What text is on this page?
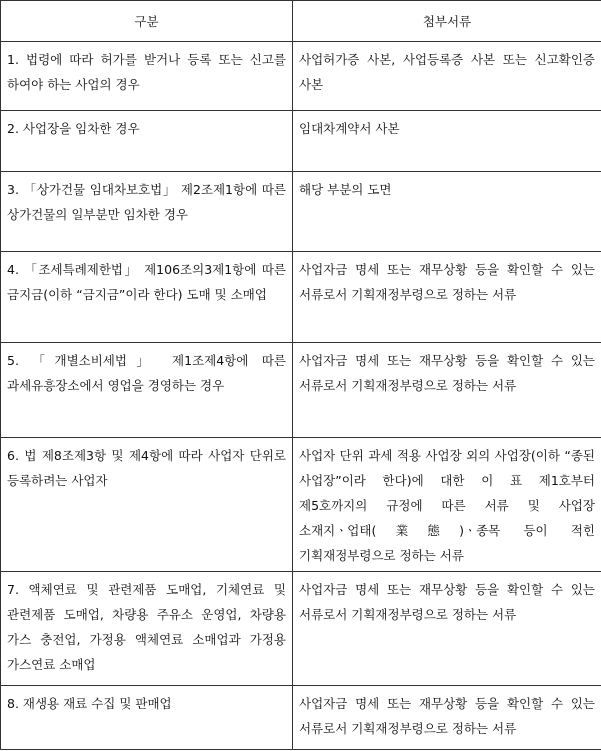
구분	첨부서류
1. 법령에 따라 허가를 받거나 등록 또는 신고를 하여야 하는 사업의 경우	사업허가증 사본, 사업등록증 사본 또는 신고확인증 사본
2. 사업장을 임차한 경우	임대차계약서 사본
3. 「상가건물 임대차보호법」 제2조제1항에 따른 상가건물의 일부분만 임차한 경우	해당 부분의 도면
4. 「조세특례제한법」 제106조의3제1항에 따른 금지금(이하 “금지금”이라 한다) 도매 및 소매업	사업자금 명세 또는 재무상황 등을 확인할 수 있는 서류로서 기획재정부령으로 정하는 서류
5. 「개별소비세법」 제1조제4항에 따른 과세유흥장소에서 영업을 경영하는 경우	사업자금 명세 또는 재무상황 등을 확인할 수 있는 서류로서 기획재정부령으로 정하는 서류
6. 법 제8조제3항 및 제4항에 따라 사업자 단위로 등록하려는 사업자	사업자 단위 과세 적용 사업장 외의 사업장(이하 “종된 사업장”이라 한다)에 대한 이 표 제1호부터 제5호까지의 규정에 따른 서류 및 사업장 소재지ㆍ업태(業態)ㆍ종목 등이 적힌 기획재정부령으로 정하는 서류
7. 액체연료 및 관련제품 도매업, 기체연료 및 관련제품 도매업, 차량용 주유소 운영업, 차량용 가스 충전업, 가정용 액체연료 소매업과 가정용 가스연료 소매업	사업자금 명세 또는 재무상황 등을 확인할 수 있는 서류로서 기획재정부령으로 정하는 서류
8. 재생용 재료 수집 및 판매업	사업자금 명세 또는 재무상황 등을 확인할 수 있는 서류로서 기획재정부령으로 정하는 서류
